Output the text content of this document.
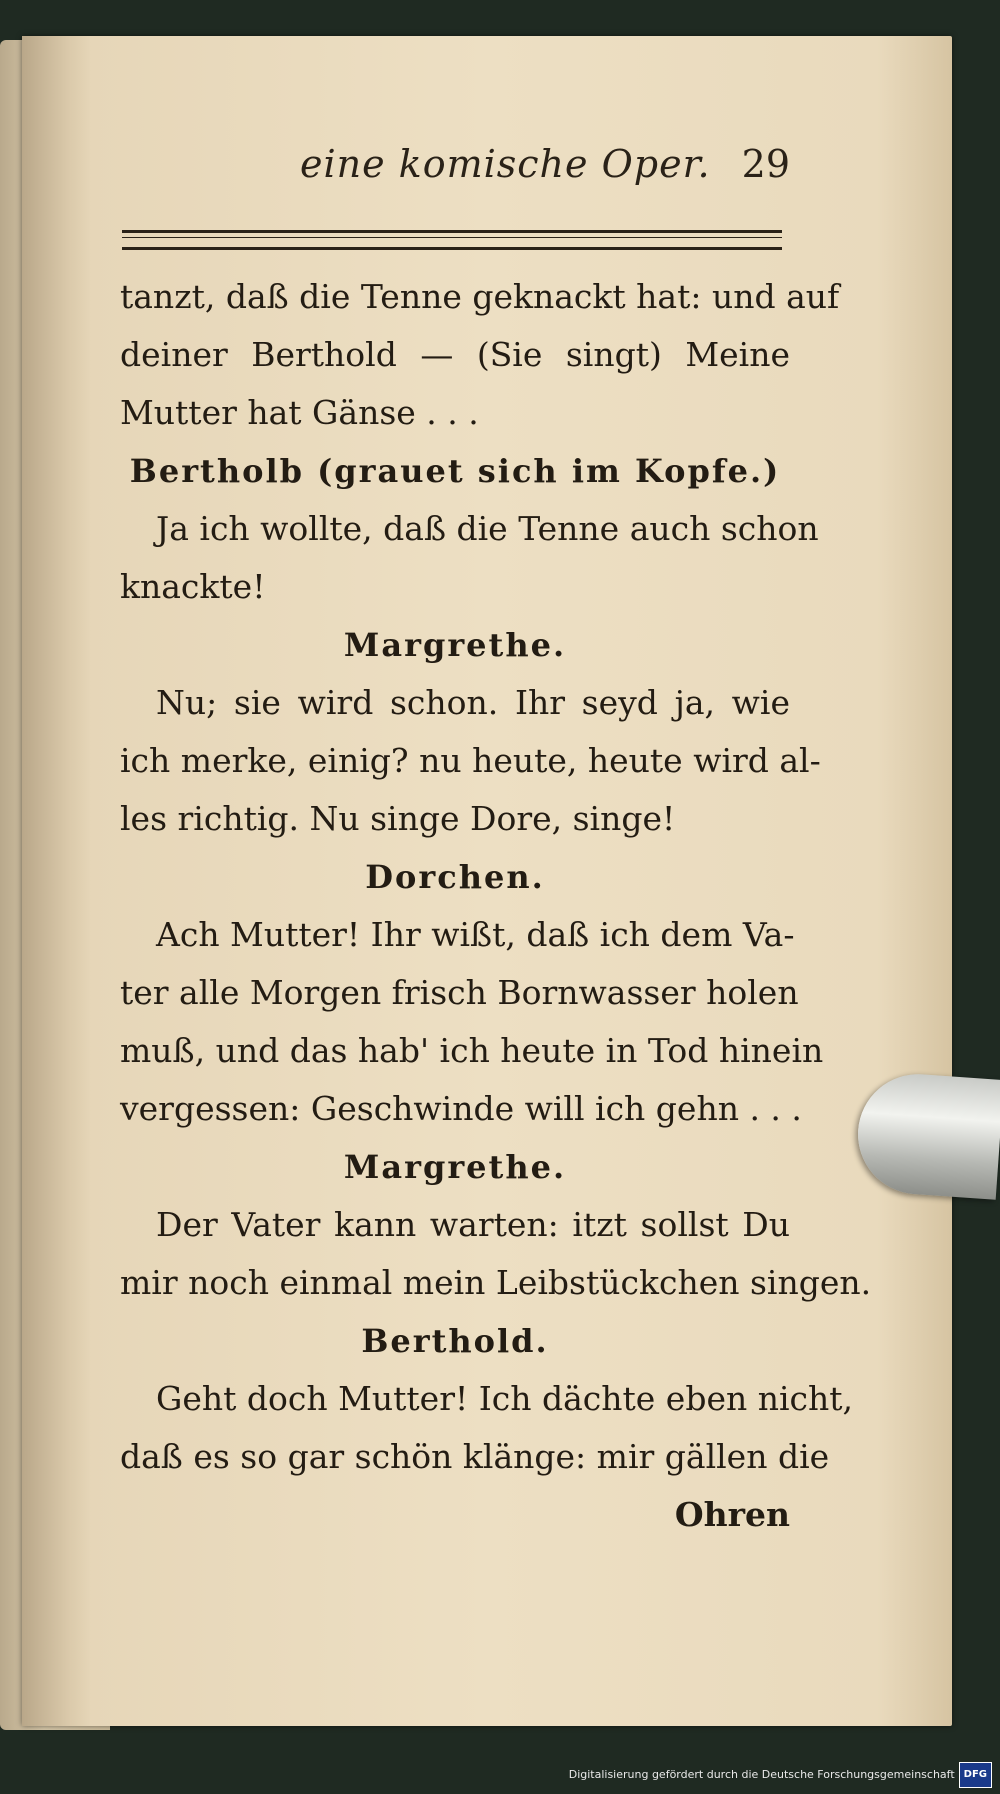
eine komische Oper. 29
tanzt, daß die Tenne geknackt hat: und auf
deiner Berthold — (Sie singt) Meine
Mutter hat Gänse . . .
Bertholb (grauet sich im Kopfe.)
Ja ich wollte, daß die Tenne auch schon
knackte!
Margrethe.
Nu; sie wird schon. Ihr seyd ja, wie
ich merke, einig? nu heute, heute wird al-
les richtig. Nu singe Dore, singe!
Dorchen.
Ach Mutter! Ihr wißt, daß ich dem Va-
ter alle Morgen frisch Bornwasser holen
muß, und das hab' ich heute in Tod hinein
vergessen: Geschwinde will ich gehn . . .
Margrethe.
Der Vater kann warten: itzt sollst Du
mir noch einmal mein Leibstückchen singen.
Berthold.
Geht doch Mutter! Ich dächte eben nicht,
daß es so gar schön klänge: mir gällen die
Ohren
Digitalisierung gefördert durch die Deutsche Forschungsgemeinschaft DFG
